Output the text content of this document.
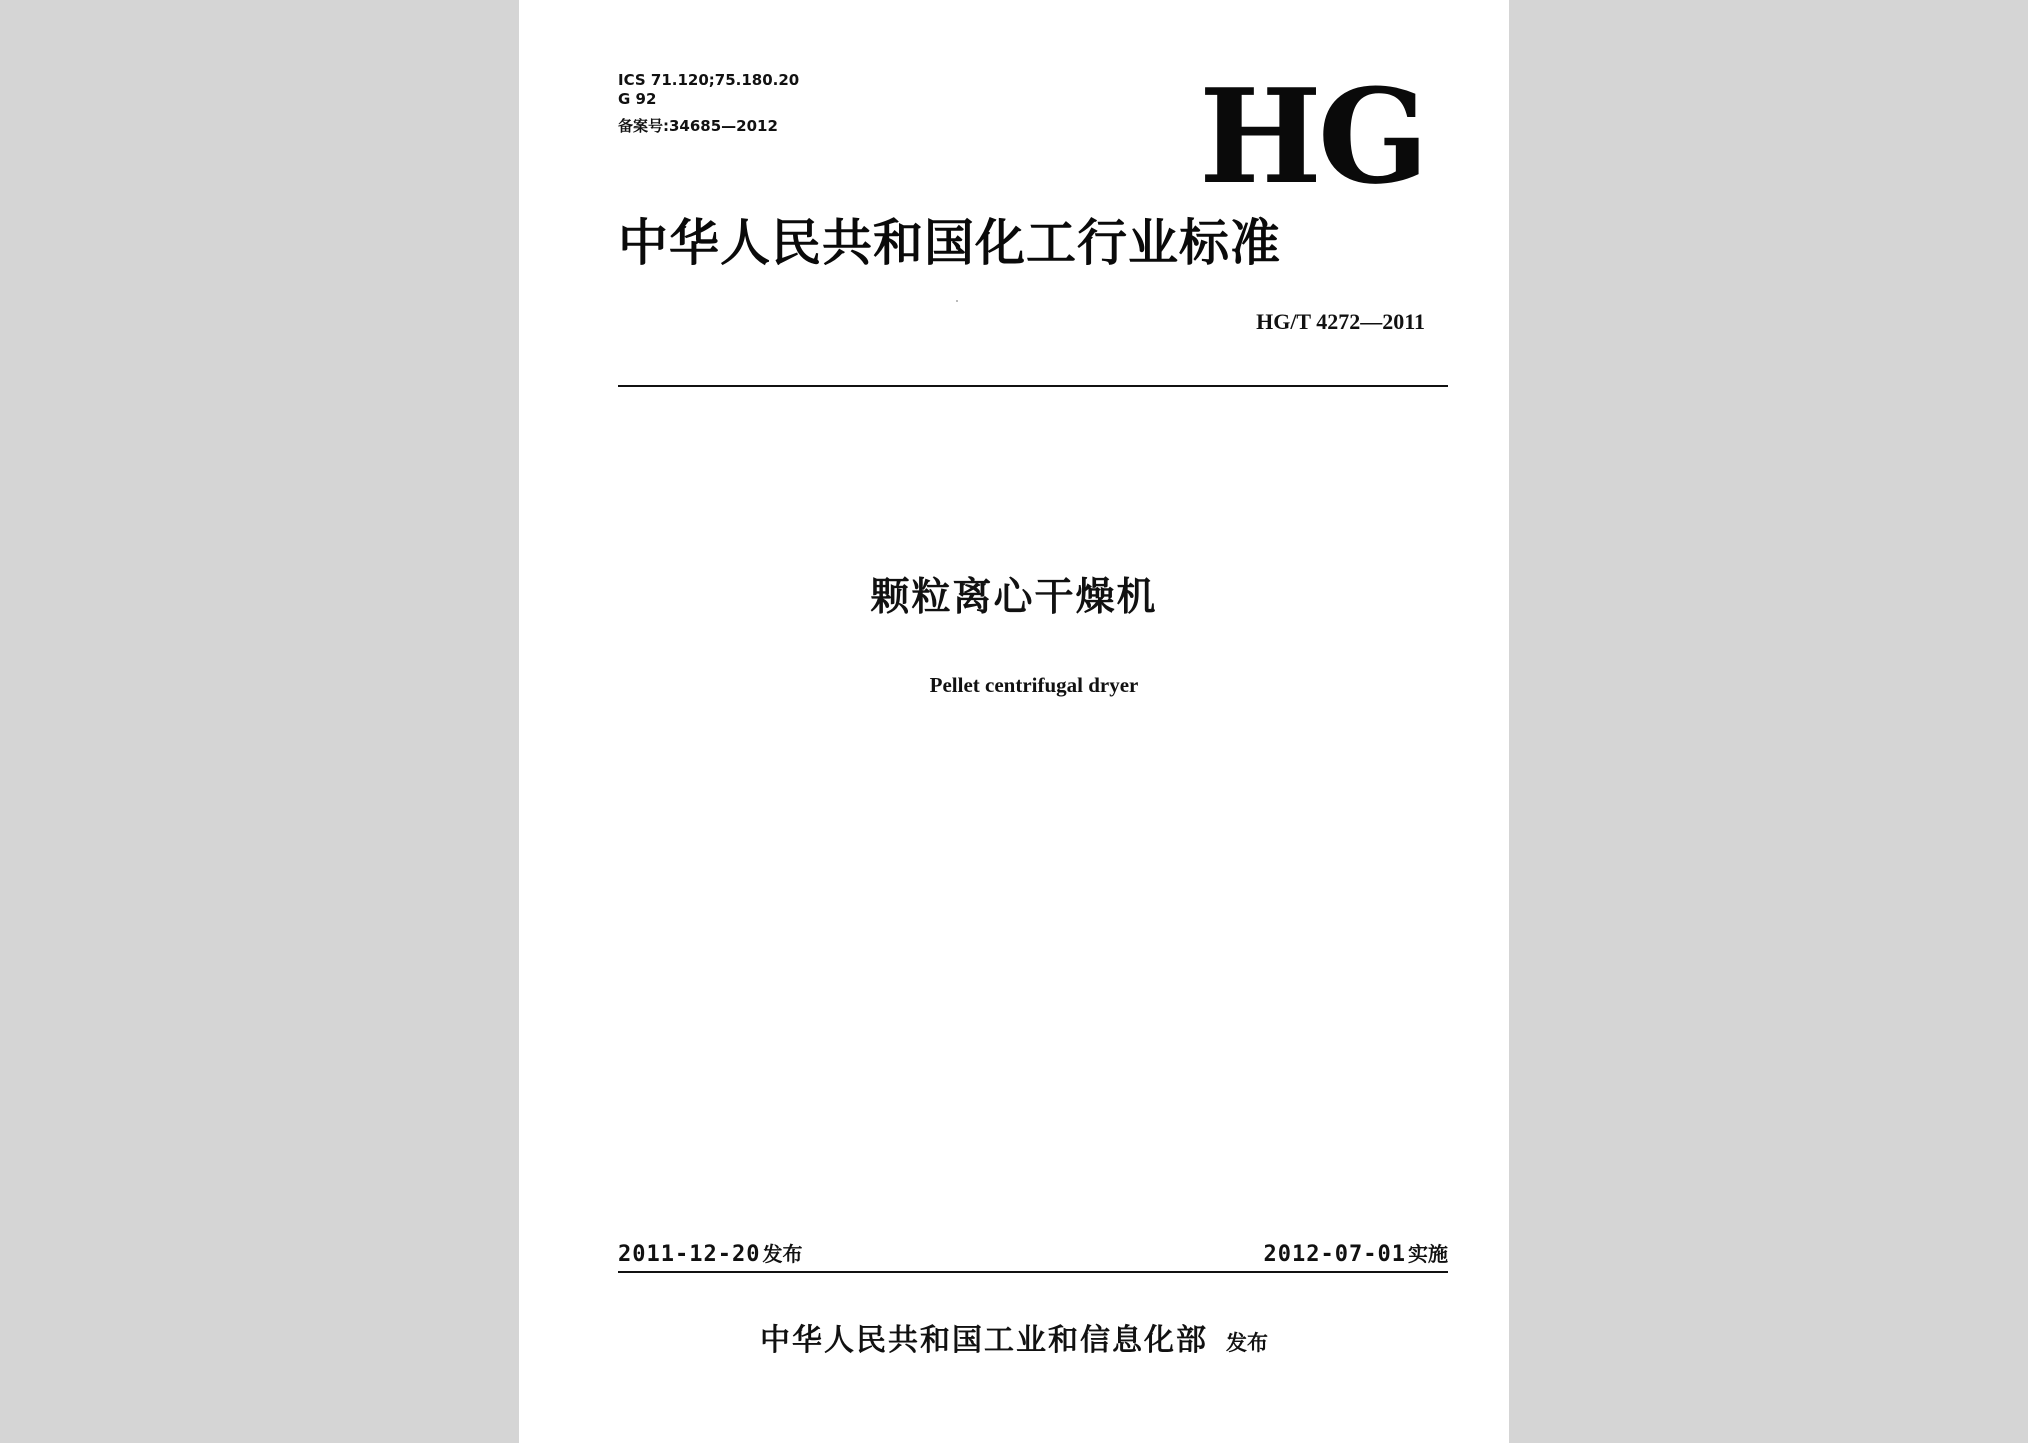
ICS 71.120;75.180.20
G 92
备案号:34685—2012	HG
中华人民共和国化工行业标准
HG/T 4272—2011
颗粒离心干燥机
Pellet centrifugal dryer
2011-12-20 发布	2012-07-01 实施
中华人民共和国工业和信息化部 发布
